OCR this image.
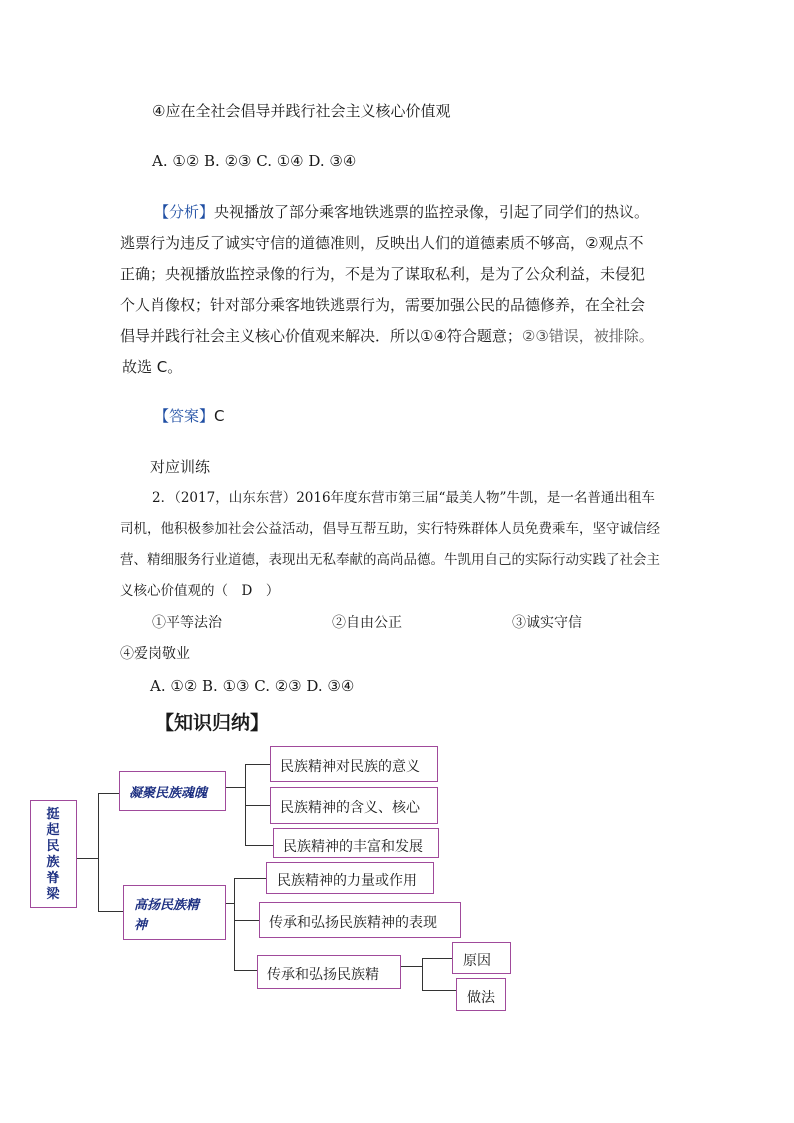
④应在全社会倡导并践行社会主义核心价值观
A. ①② B. ②③ C. ①④ D. ③④
【分析】央视播放了部分乘客地铁逃票的监控录像，引起了同学们的热议。
逃票行为违反了诚实守信的道德准则，反映出人们的道德素质不够高，②观点不
正确；央视播放监控录像的行为，不是为了谋取私利，是为了公众利益，未侵犯
个人肖像权；针对部分乘客地铁逃票行为，需要加强公民的品德修养，在全社会
倡导并践行社会主义核心价值观来解决．所以①④符合题意；②③错误，被排除。
故选 C。
【答案】C
对应训练
2．（2017，山东东营）2016年度东营市第三届“最美人物”牛凯，是一名普通出租车
司机，他积极参加社会公益活动，倡导互帮互助，实行特殊群体人员免费乘车，坚守诚信经
营、精细服务行业道德，表现出无私奉献的高尚品德。牛凯用自己的实际行动实践了社会主
义核心价值观的（　D　）
①平等法治	②自由公正	③诚实守信
④爱岗敬业
A. ①② B. ①③ C. ②③ D. ③④
【知识归纳】
挺起民族脊梁
凝聚民族魂魄
民族精神对民族的意义
民族精神的含义、核心
民族精神的丰富和发展
高扬民族精
神
民族精神的力量或作用
传承和弘扬民族精神的表现
传承和弘扬民族精
原因
做法
